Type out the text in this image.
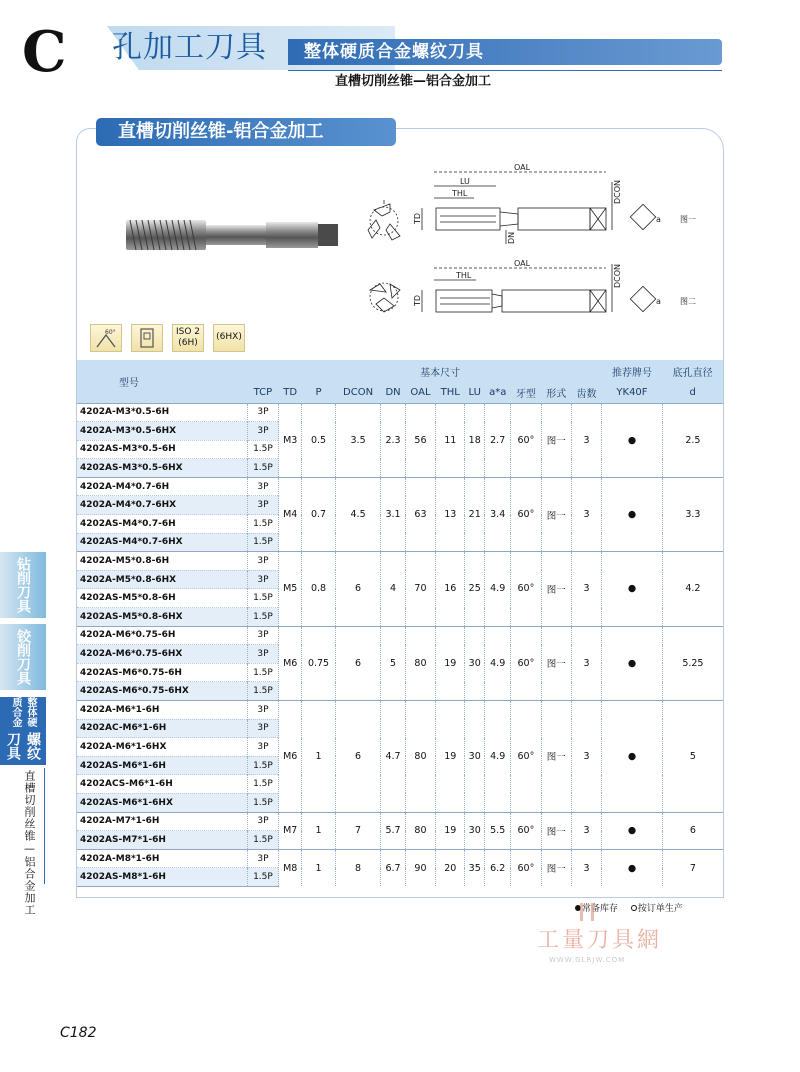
C 孔加工刀具 整体硬质合金螺纹刀具
直槽切削丝锥—铝合金加工
直槽切削丝锥-铝合金加工
60°	ISO 2 (6H)
(6HX)
OAL
LU
THL
TD
DN
DCON
图一
a
OAL
THL
TD
DCON
图二
a
型号		基本尺寸											推荐牌号	底孔直径
	TCP	TD	P	DCON	DN	OAL	THL	LU	a*a	牙型	形式	齿数	YK40F	d
4202A-M3*0.5-6H	3P	M3	0.5	3.5	2.3	56	11	18	2.7	60°	图一	3	●	2.5
4202A-M3*0.5-6HX	3P													
4202AS-M3*0.5-6H	1.5P													
4202AS-M3*0.5-6HX	1.5P													
4202A-M4*0.7-6H	3P	M4	0.7	4.5	3.1	63	13	21	3.4	60°	图一	3	●	3.3
4202A-M4*0.7-6HX	3P													
4202AS-M4*0.7-6H	1.5P													
4202AS-M4*0.7-6HX	1.5P													
4202A-M5*0.8-6H	3P	M5	0.8	6	4	70	16	25	4.9	60°	图一	3	●	4.2
4202A-M5*0.8-6HX	3P													
4202AS-M5*0.8-6H	1.5P													
4202AS-M5*0.8-6HX	1.5P													
4202A-M6*0.75-6H	3P	M6	0.75	6	5	80	19	30	4.9	60°	图一	3	●	5.25
4202A-M6*0.75-6HX	3P													
4202AS-M6*0.75-6H	1.5P													
4202AS-M6*0.75-6HX	1.5P													
4202A-M6*1-6H	3P	M6	1	6	4.7	80	19	30	4.9	60°	图一	3	●	5
4202AC-M6*1-6H	3P													
4202A-M6*1-6HX	3P													
4202AS-M6*1-6H	1.5P													
4202ACS-M6*1-6H	1.5P													
4202AS-M6*1-6HX	1.5P													
4202A-M7*1-6H	3P	M7	1	7	5.7	80	19	30	5.5	60°	图一	3	●	6
4202AS-M7*1-6H	1.5P													
4202A-M8*1-6H	3P	M8	1	8	6.7	90	20	35	6.2	60°	图一	3	●	7
4202AS-M8*1-6H	1.5P													
常备库存 按订单生产
工量刀具網
WWW.GLRJW.COM
钻削刀具
铰削刀具
整体硬质合金
螺纹刀具
直槽切削丝锥—铝合金加工
C182
